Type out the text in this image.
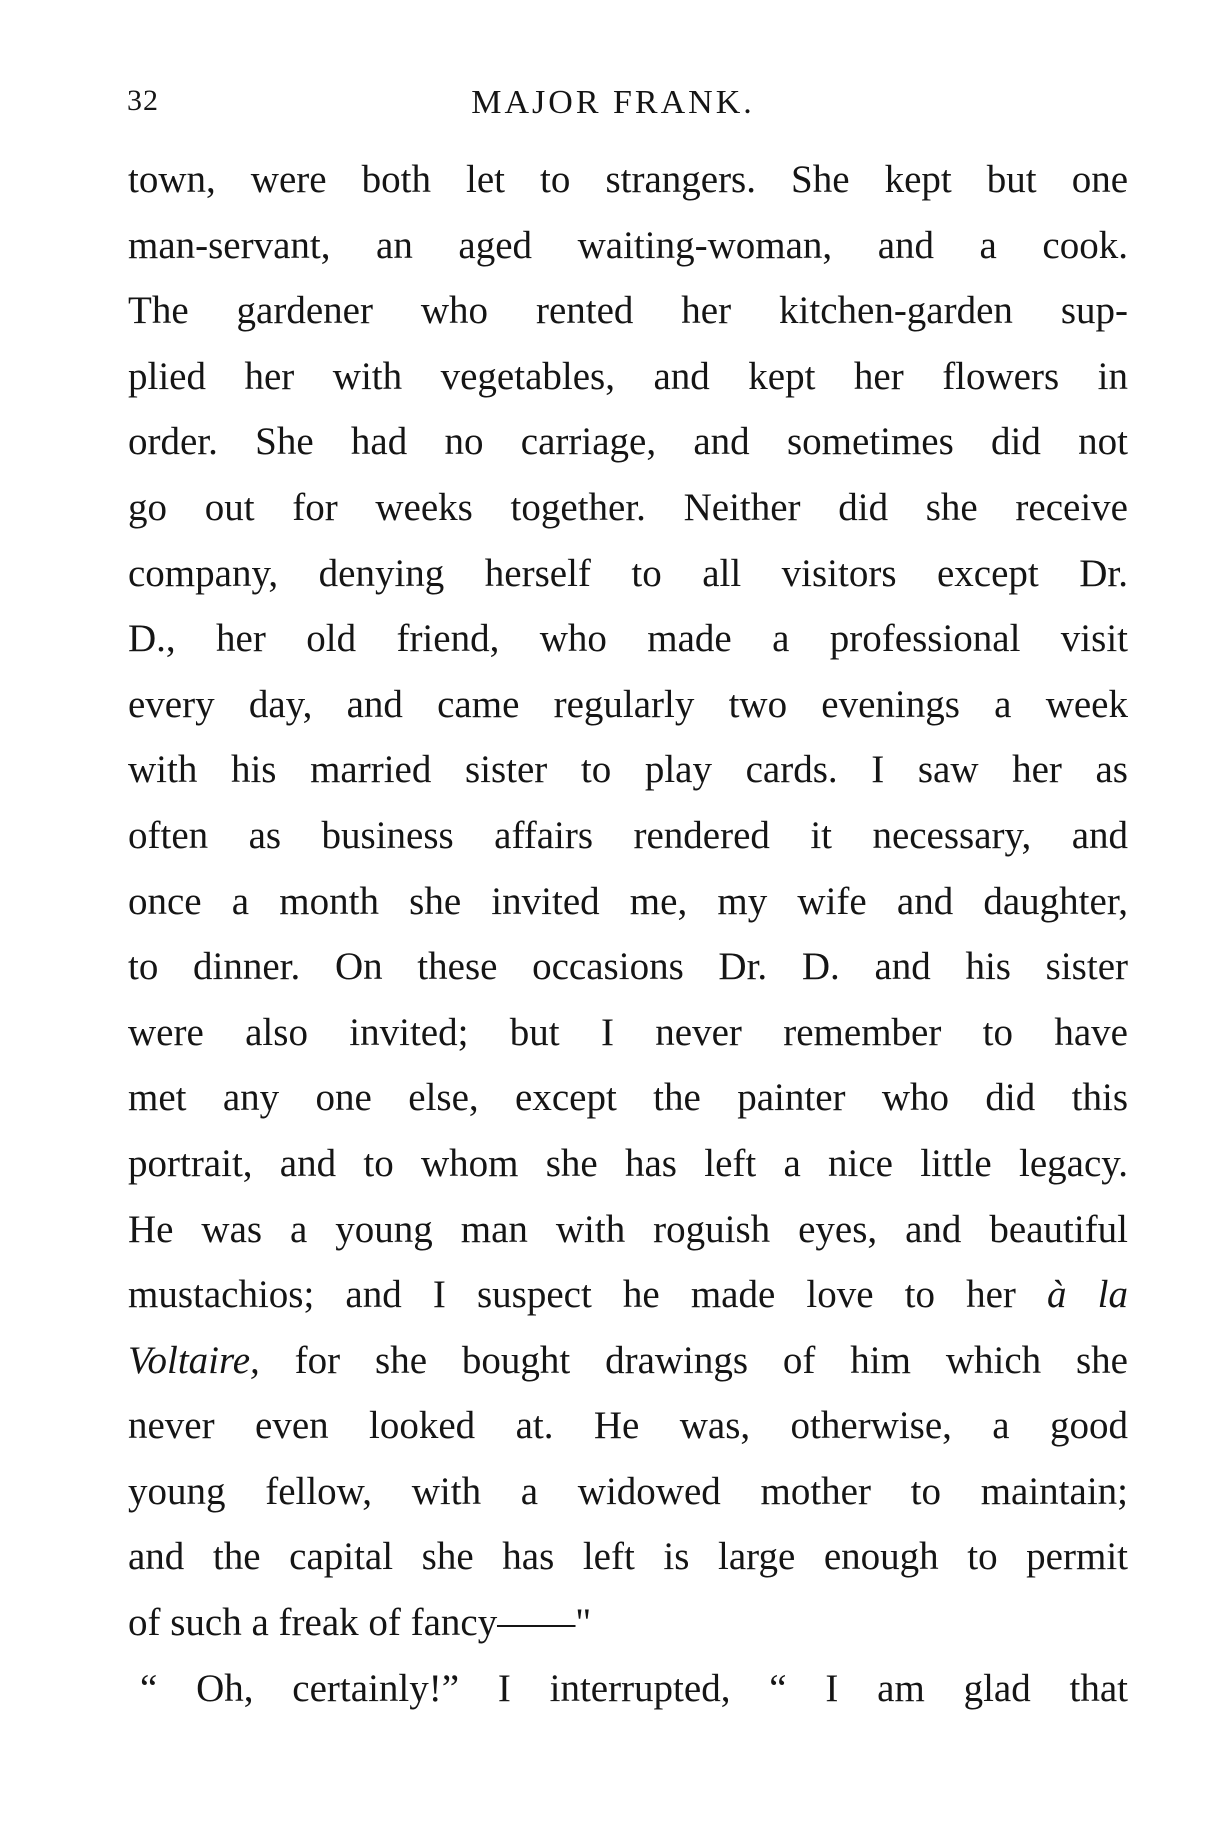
32	MAJOR FRANK.
town, were both let to strangers. She kept but one
man-servant, an aged waiting-woman, and a cook.
The gardener who rented her kitchen-garden sup-
plied her with vegetables, and kept her flowers in
order. She had no carriage, and sometimes did not
go out for weeks together. Neither did she receive
company, denying herself to all visitors except Dr.
D., her old friend, who made a professional visit
every day, and came regularly two evenings a week
with his married sister to play cards. I saw her as
often as business affairs rendered it necessary, and
once a month she invited me, my wife and daughter,
to dinner. On these occasions Dr. D. and his sister
were also invited; but I never remember to have
met any one else, except the painter who did this
portrait, and to whom she has left a nice little legacy.
He was a young man with roguish eyes, and beautiful
mustachios; and I suspect he made love to her à la
Voltaire, for she bought drawings of him which she
never even looked at. He was, otherwise, a good
young fellow, with a widowed mother to maintain;
and the capital she has left is large enough to permit
of such a freak of fancy——"
“ Oh, certainly!” I interrupted, “ I am glad that
